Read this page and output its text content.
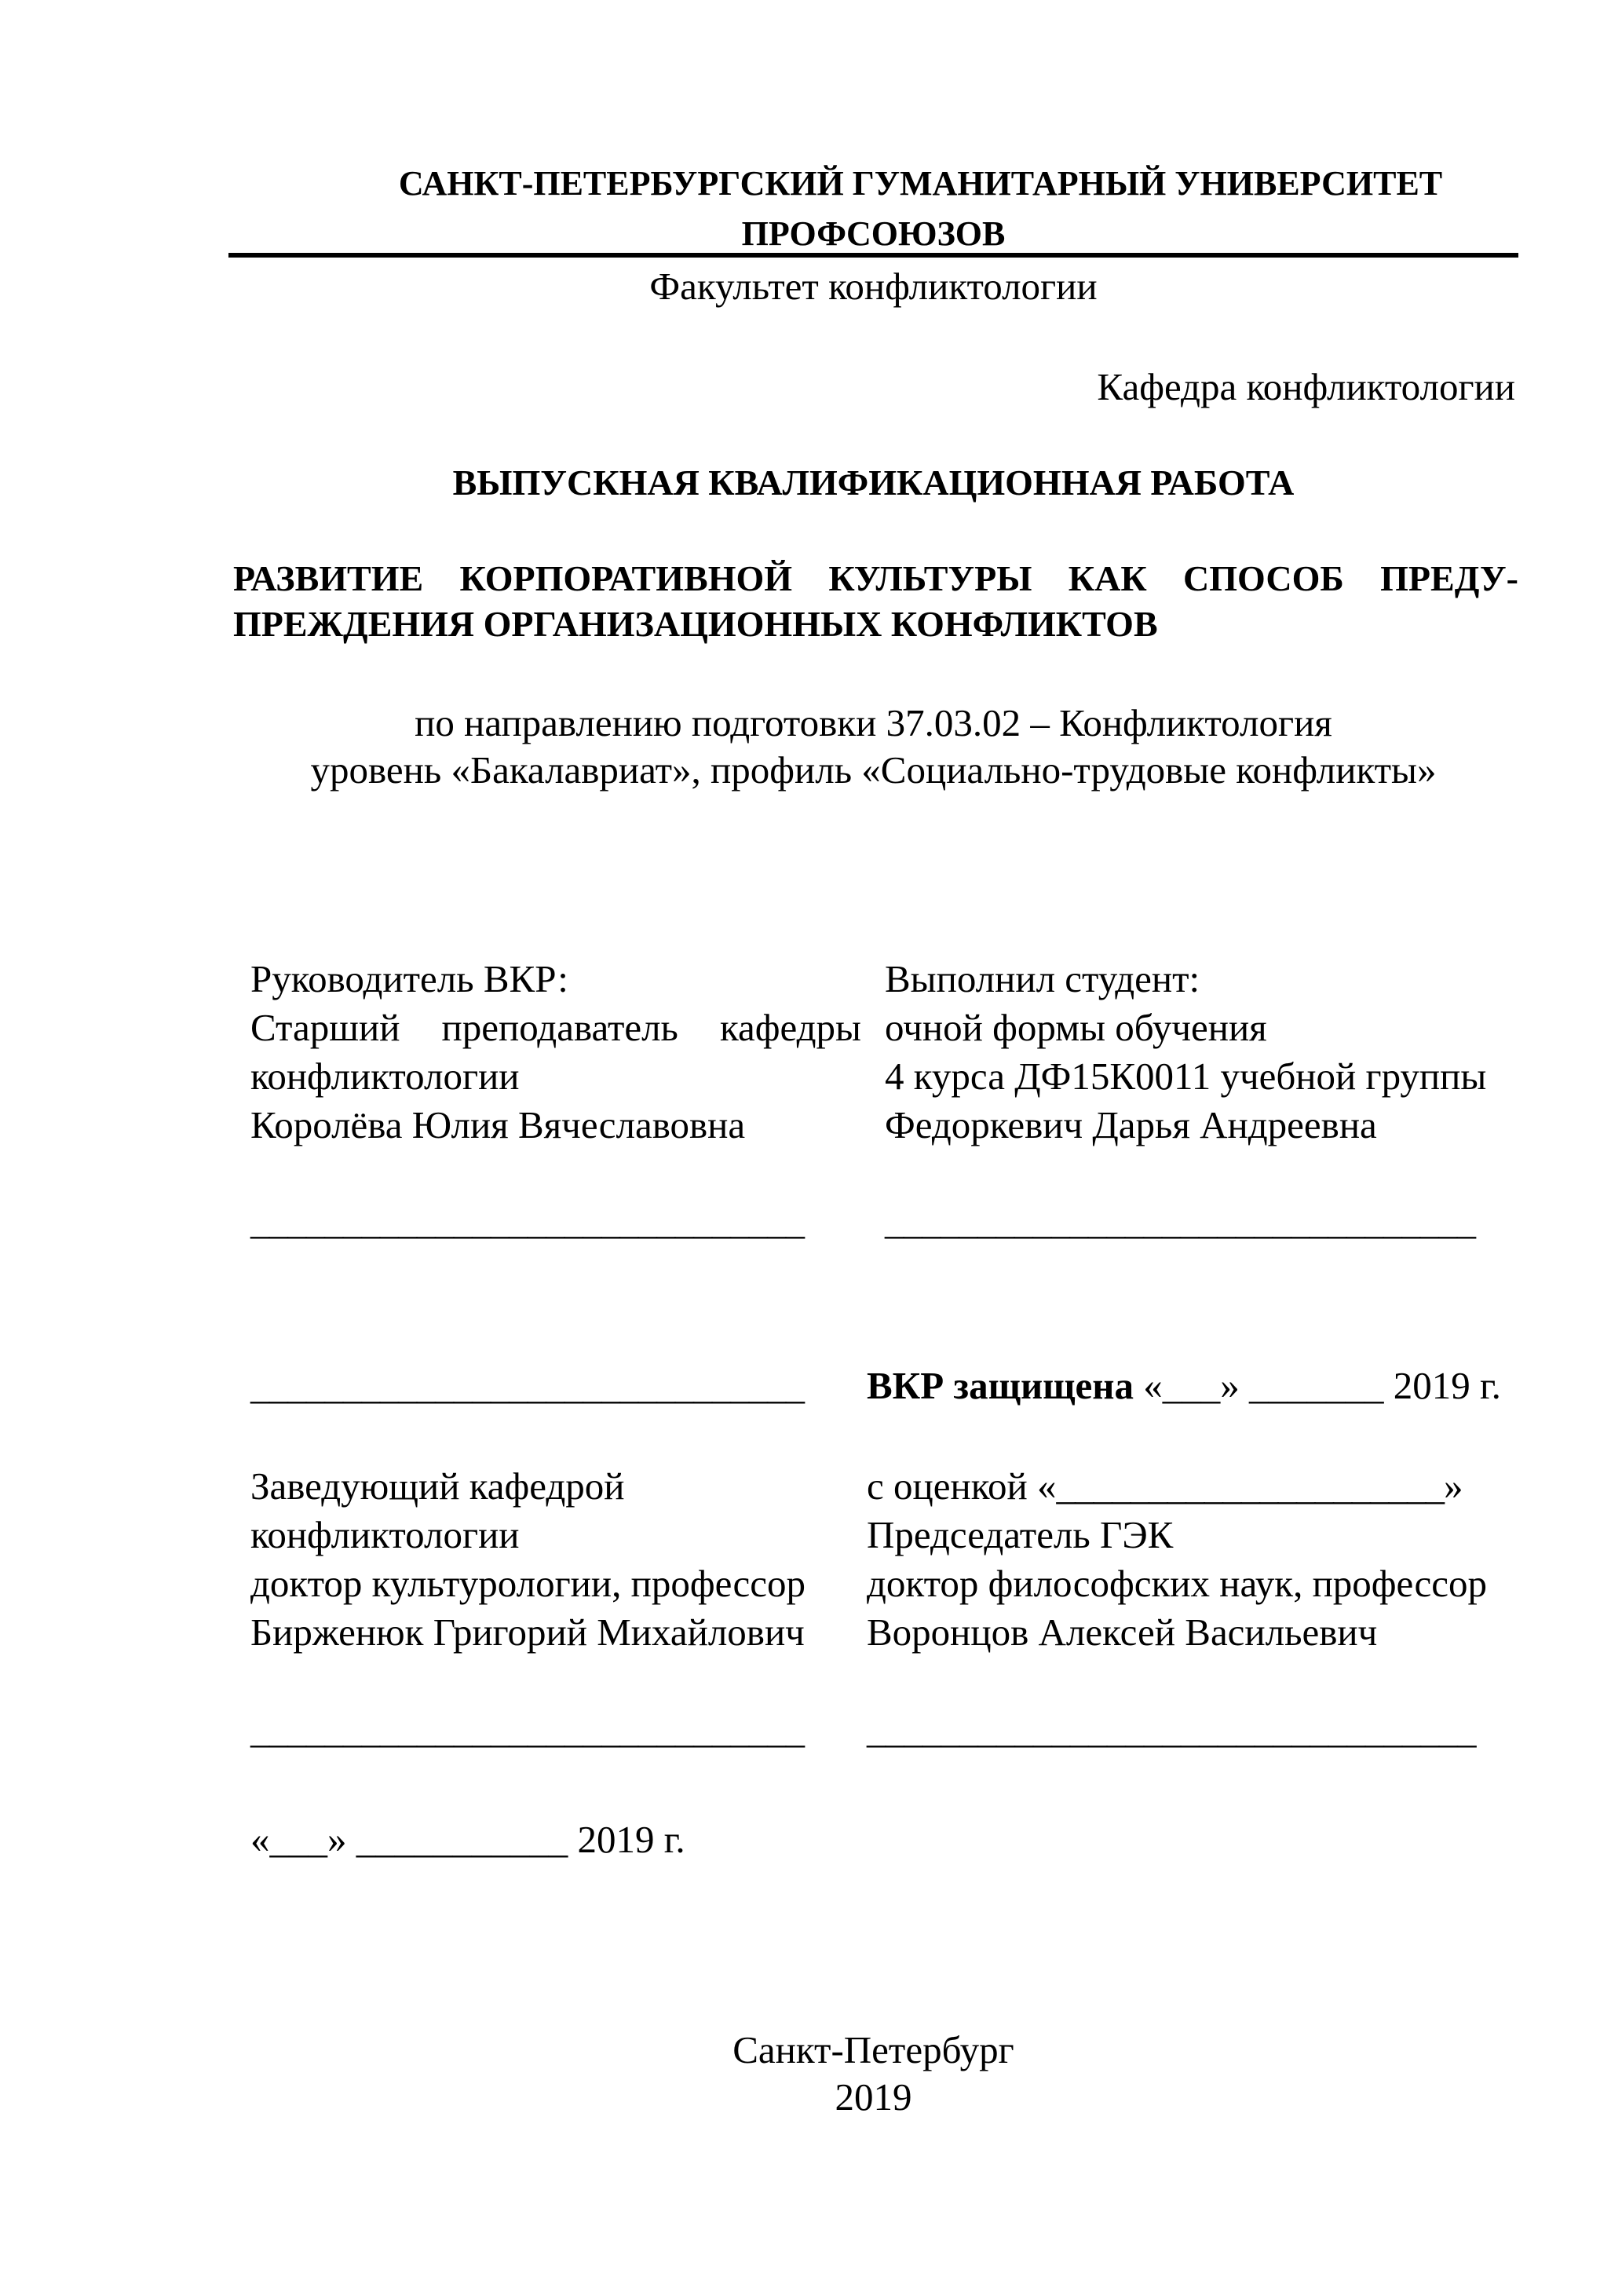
САНКТ-ПЕТЕРБУРГСКИЙ ГУМАНИТАРНЫЙ УНИВЕРСИТЕТ
ПРОФСОЮЗОВ
Факультет конфликтологии
Кафедра конфликтологии
ВЫПУСКНАЯ КВАЛИФИКАЦИОННАЯ РАБОТА
РАЗВИТИЕ КОРПОРАТИВНОЙ КУЛЬТУРЫ КАК СПОСОБ ПРЕДУ-
ПРЕЖДЕНИЯ ОРГАНИЗАЦИОННЫХ КОНФЛИКТОВ
по направлению подготовки 37.03.02 – Конфликтология
уровень «Бакалавриат», профиль «Социально-трудовые конфликты»
Руководитель ВКР:
Старший преподаватель кафедры
конфликтологии
Королёва Юлия Вячеславовна
______________________________
Выполнил студент:
очной формы обучения
4 курса ДФ15К0011 учебной группы
Федоркевич Дарья Андреевна
________________________________
______________________________ ВКР защищена «___» _______ 2019 г.
Заведующий кафедрой
конфликтологии
доктор культурологии, профессор
Бирженюк Григорий Михайлович
______________________________
с оценкой «_____________________»
Председатель ГЭК
доктор философских наук, профессор
Воронцов Алексей Васильевич
_________________________________
«___» ___________ 2019 г.
Санкт-Петербург
2019
